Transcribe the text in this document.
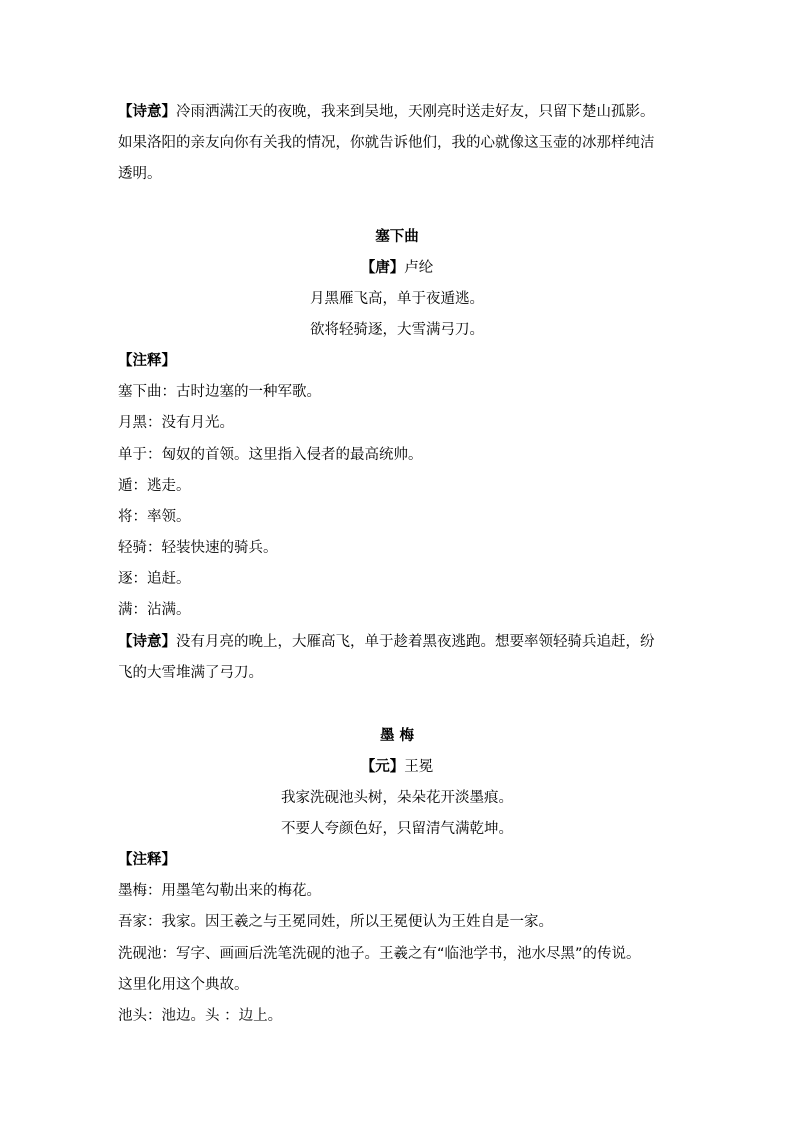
【诗意】冷雨洒满江天的夜晚，我来到吴地，天刚亮时送走好友，只留下楚山孤影。
如果洛阳的亲友向你有关我的情况，你就告诉他们，我的心就像这玉壶的冰那样纯洁
透明。
塞下曲
【唐】卢纶
月黑雁飞高，单于夜遁逃。
欲将轻骑逐，大雪满弓刀。
【注释】
塞下曲：古时边塞的一种军歌。
月黑：没有月光。
单于：匈奴的首领。这里指入侵者的最高统帅。
遁：逃走。
将：率领。
轻骑：轻装快速的骑兵。
逐：追赶。
满：沾满。
【诗意】没有月亮的晚上，大雁高飞，单于趁着黑夜逃跑。想要率领轻骑兵追赶，纷
飞的大雪堆满了弓刀。
墨 梅
【元】王冕
我家洗砚池头树，朵朵花开淡墨痕。
不要人夸颜色好，只留清气满乾坤。
【注释】
墨梅：用墨笔勾勒出来的梅花。
吾家：我家。因王羲之与王冕同姓，所以王冕便认为王姓自是一家。
洗砚池：写字、画画后洗笔洗砚的池子。王羲之有“临池学书，池水尽黑”的传说。
这里化用这个典故。
池头：池边。头 ：边上。
